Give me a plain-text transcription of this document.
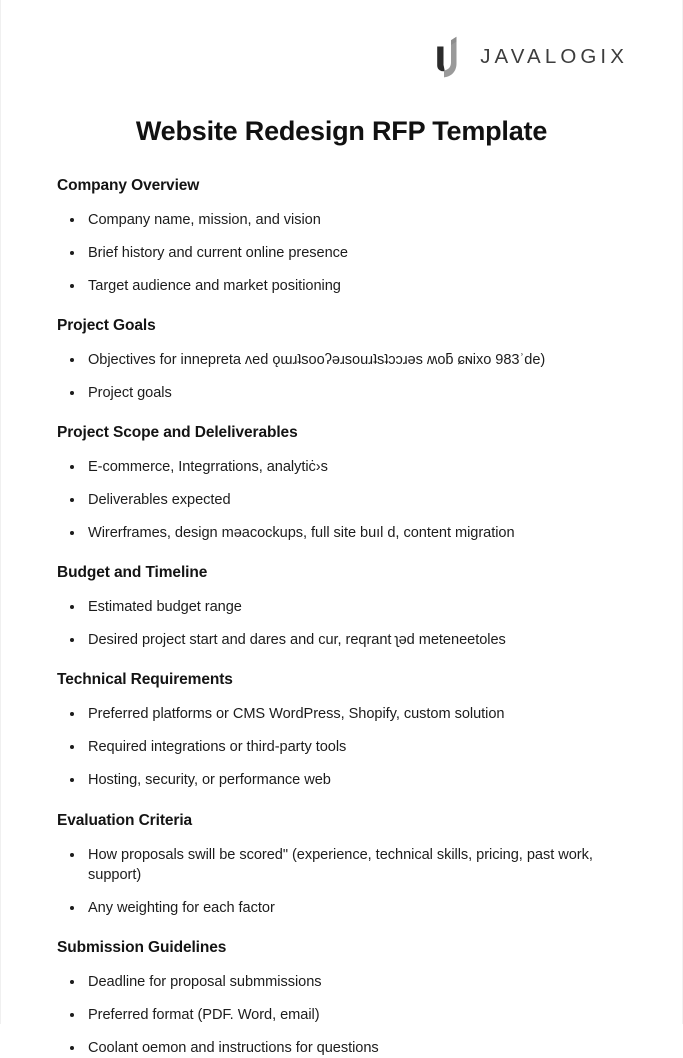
JAVALOGIX
Website Redesign RFP Template
Company Overview
Company name, mission, and vision
Brief history and current online presence
Target audience and market positioning
Project Goals
Objectives for innepreta ʌed ǫɯɹʇsooʔǝɹsouɹʇsʇɔɔɹǝs ʍoƃ ɕɴixo 983ʾde)
Project goals
Project Scope and Deleliverables
E-commerce, Integrrations, analytiċ›s
Deliverables expected
Wirerframes, design məacockups, full site buıl d, content migration
Budget and Timeline
Estimated budget range
Desired project start and dares and cur, reqrant ʅəd meteneetoles
Technical Requirements
Preferred platforms or CMS WordPress, Shopify, custom solution
Required integrations or third-party tools
Hosting, security, or performance web
Evaluation Criteria
How proposals swill be scored" (experience, technical skills, pricing, past work, support)
Any weighting for each factor
Submission Guidelines
Deadline for proposal submmissions
Preferred format (PDF. Word, email)
Coolant oemon and instructions for questions
